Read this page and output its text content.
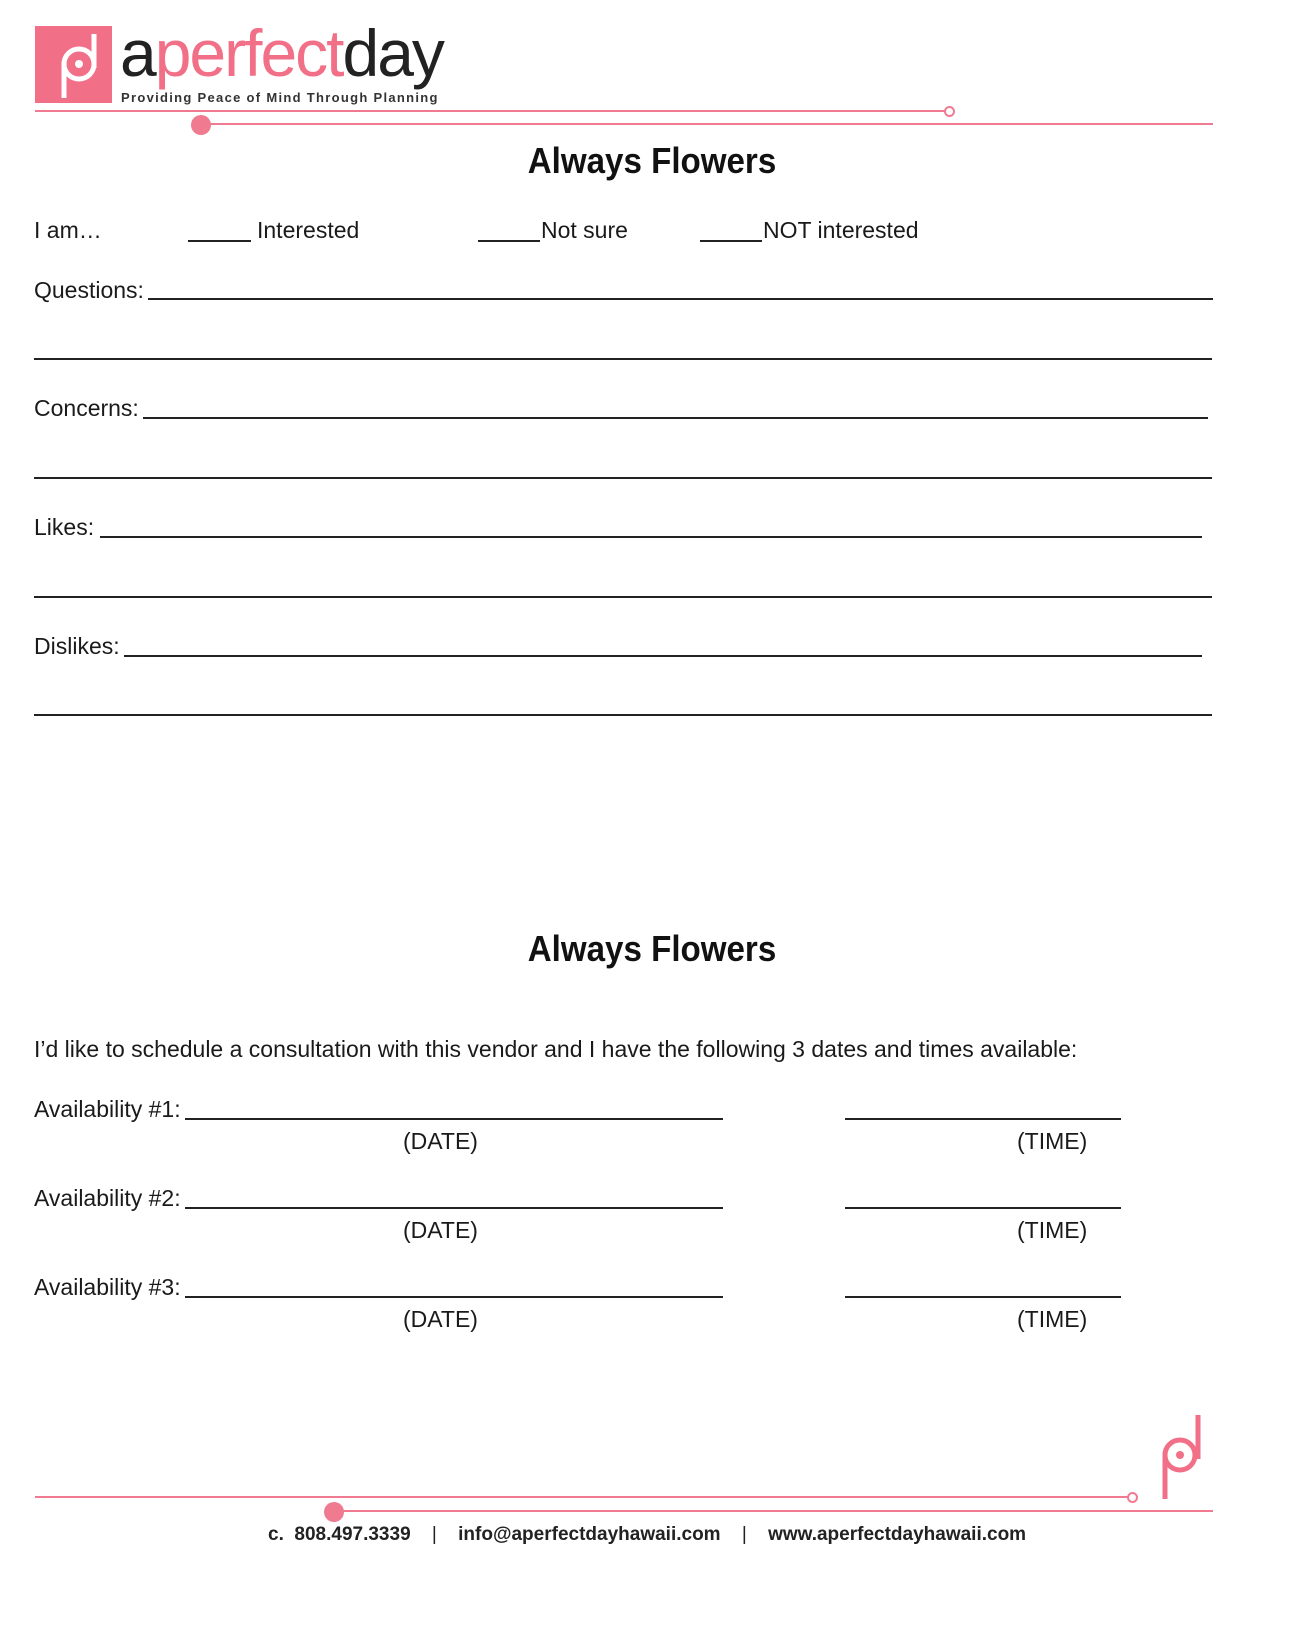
aperfectday
Providing Peace of Mind Through Planning
Always Flowers
I am…	Interested	Not sure	NOT interested
Questions:
Concerns:
Likes:
Dislikes:
Always Flowers
I’d like to schedule a consultation with this vendor and I have the following 3 dates and times available:
Availability #1:
(DATE)	(TIME)
Availability #2:
(DATE)	(TIME)
Availability #3:
(DATE)	(TIME)
c.  808.497.3339 | info@aperfectdayhawaii.com | www.aperfectdayhawaii.com
